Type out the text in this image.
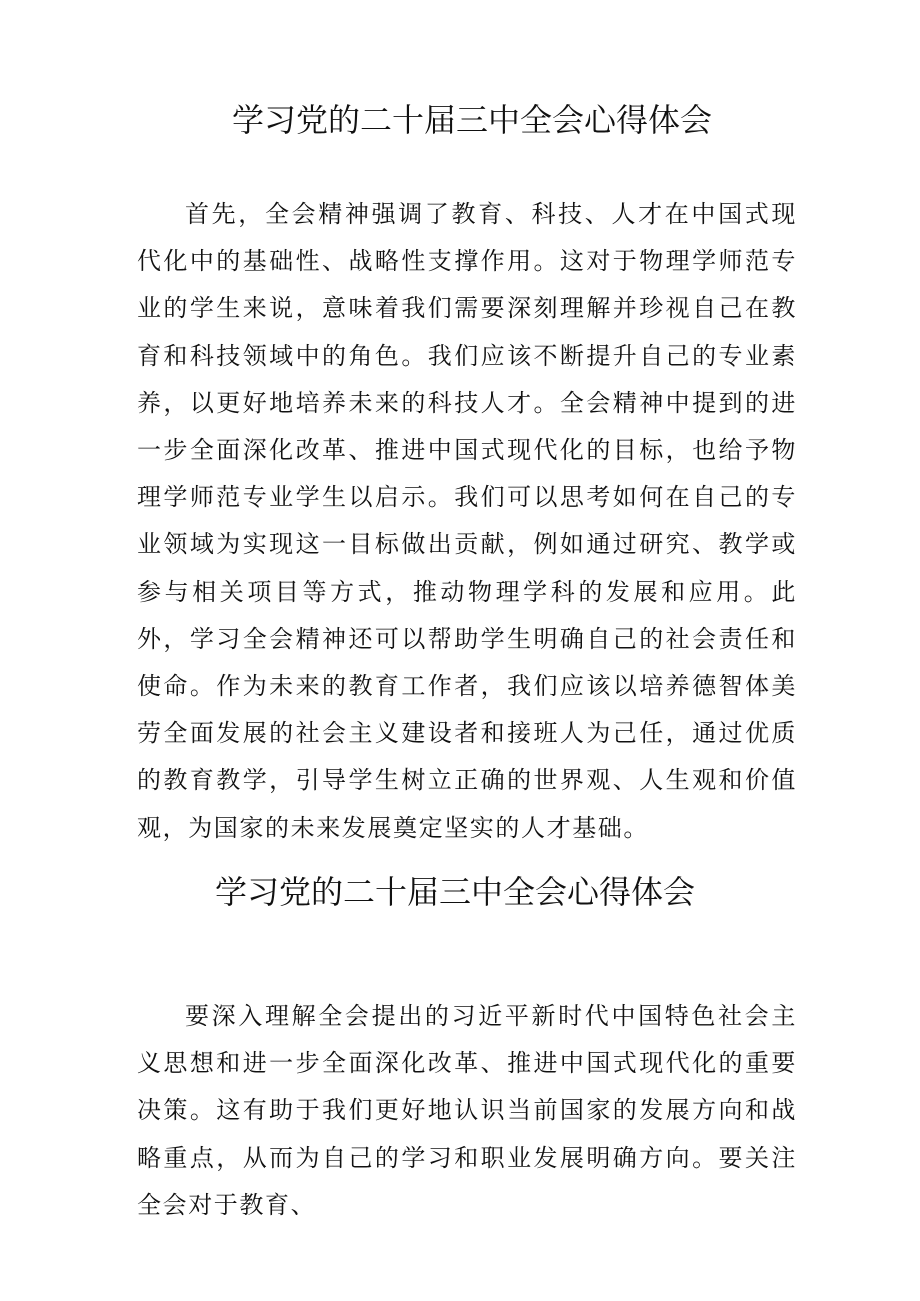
学习党的二十届三中全会心得体会

首先，全会精神强调了教育、科技、人才在中国式现代化中的基础性、战略性支撑作用。这对于物理学师范专业的学生来说，意味着我们需要深刻理解并珍视自己在教育和科技领域中的角色。我们应该不断提升自己的专业素养，以更好地培养未来的科技人才。全会精神中提到的进一步全面深化改革、推进中国式现代化的目标，也给予物理学师范专业学生以启示。我们可以思考如何在自己的专业领域为实现这一目标做出贡献，例如通过研究、教学或参与相关项目等方式，推动物理学科的发展和应用。此外，学习全会精神还可以帮助学生明确自己的社会责任和使命。作为未来的教育工作者，我们应该以培养德智体美劳全面发展的社会主义建设者和接班人为己任，通过优质的教育教学，引导学生树立正确的世界观、人生观和价值观，为国家的未来发展奠定坚实的人才基础。

学习党的二十届三中全会心得体会

要深入理解全会提出的习近平新时代中国特色社会主义思想和进一步全面深化改革、推进中国式现代化的重要决策。这有助于我们更好地认识当前国家的发展方向和战略重点，从而为自己的学习和职业发展明确方向。要关注全会对于教育、
